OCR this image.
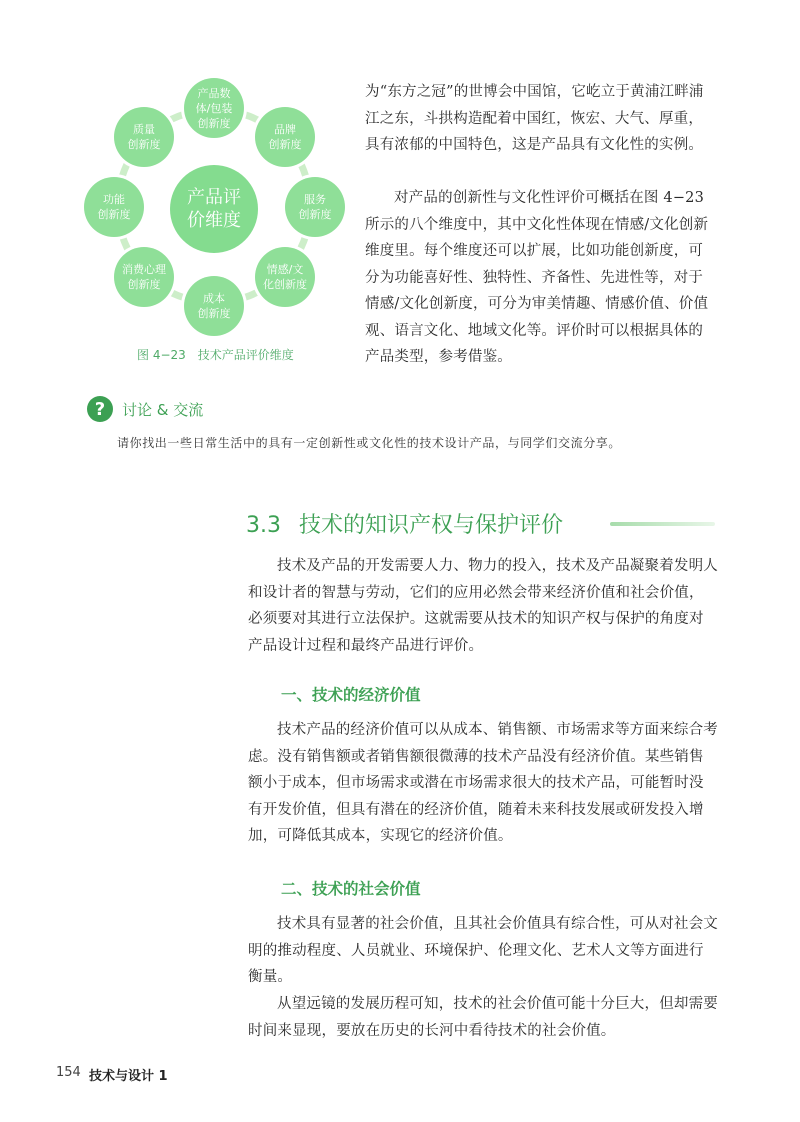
产品评
价维度
产品数
体/包装
创新度	品牌
创新度
服务
创新度
情感/文
化创新度
成本
创新度
消费心理
创新度
功能
创新度
质量
创新度
图 4−23　技术产品评价维度
为“东方之冠”的世博会中国馆，它屹立于黄浦江畔浦江之东，斗拱构造配着中国红，恢宏、大气、厚重，具有浓郁的中国特色，这是产品具有文化性的实例。
对产品的创新性与文化性评价可概括在图 4−23 所示的八个维度中，其中文化性体现在情感/文化创新维度里。每个维度还可以扩展，比如功能创新度，可分为功能喜好性、独特性、齐备性、先进性等，对于情感/文化创新度，可分为审美情趣、情感价值、价值观、语言文化、地域文化等。评价时可以根据具体的产品类型，参考借鉴。
?	讨论 & 交流
请你找出一些日常生活中的具有一定创新性或文化性的技术设计产品，与同学们交流分享。
3.3 技术的知识产权与保护评价
技术及产品的开发需要人力、物力的投入，技术及产品凝聚着发明人和设计者的智慧与劳动，它们的应用必然会带来经济价值和社会价值，必须要对其进行立法保护。这就需要从技术的知识产权与保护的角度对产品设计过程和最终产品进行评价。
一、技术的经济价值
技术产品的经济价值可以从成本、销售额、市场需求等方面来综合考虑。没有销售额或者销售额很微薄的技术产品没有经济价值。某些销售额小于成本，但市场需求或潜在市场需求很大的技术产品，可能暂时没有开发价值，但具有潜在的经济价值，随着未来科技发展或研发投入增加，可降低其成本，实现它的经济价值。
二、技术的社会价值
技术具有显著的社会价值，且其社会价值具有综合性，可从对社会文明的推动程度、人员就业、环境保护、伦理文化、艺术人文等方面进行衡量。
从望远镜的发展历程可知，技术的社会价值可能十分巨大，但却需要时间来显现，要放在历史的长河中看待技术的社会价值。
154 技术与设计 1
